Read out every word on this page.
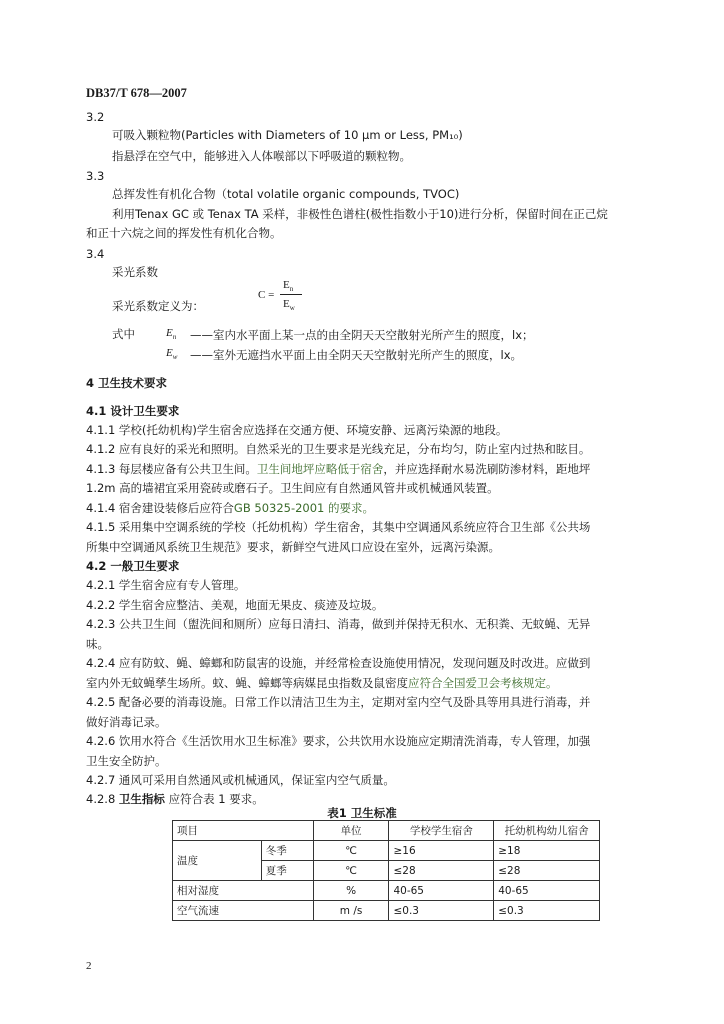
DB37/T 678—2007
3.2
可吸入颗粒物(Particles with Diameters of 10 μm or Less, PM₁₀)
指悬浮在空气中，能够进入人体喉部以下呼吸道的颗粒物。
3.3
总挥发性有机化合物（total volatile organic compounds, TVOC)
利用Tenax GC 或 Tenax TA 采样，非极性色谱柱(极性指数小于10)进行分析，保留时间在正己烷
和正十六烷之间的挥发性有机化合物。
3.4
采光系数
采光系数定义为：
C =
$E_n$
$E_w$
式中	$E_n$ ——室内水平面上某一点的由全阴天天空散射光所产生的照度，lx；
$E_w$ ——室外无遮挡水平面上由全阴天天空散射光所产生的照度，lx。
4 卫生技术要求
4.1 设计卫生要求
4.1.1 学校(托幼机构)学生宿舍应选择在交通方便、环境安静、远离污染源的地段。
4.1.2 应有良好的采光和照明。自然采光的卫生要求是光线充足，分布均匀，防止室内过热和眩目。
4.1.3 每层楼应备有公共卫生间。卫生间地坪应略低于宿舍，并应选择耐水易洗刷防渗材料，距地坪
1.2m 高的墙裙宜采用瓷砖或磨石子。卫生间应有自然通风管井或机械通风装置。
4.1.4 宿舍建设装修后应符合GB 50325-2001 的要求。
4.1.5 采用集中空调系统的学校（托幼机构）学生宿舍，其集中空调通风系统应符合卫生部《公共场
所集中空调通风系统卫生规范》要求，新鲜空气进风口应设在室外，远离污染源。
4.2 一般卫生要求
4.2.1 学生宿舍应有专人管理。
4.2.2 学生宿舍应整洁、美观，地面无果皮、痰迹及垃圾。
4.2.3 公共卫生间（盥洗间和厕所）应每日清扫、消毒，做到并保持无积水、无积粪、无蚊蝇、无异
味。
4.2.4 应有防蚊、蝇、蟑螂和防鼠害的设施，并经常检查设施使用情况，发现问题及时改进。应做到
室内外无蚊蝇孳生场所。蚊、蝇、蟑螂等病媒昆虫指数及鼠密度应符合全国爱卫会考核规定。
4.2.5 配备必要的消毒设施。日常工作以清洁卫生为主，定期对室内空气及卧具等用具进行消毒，并
做好消毒记录。
4.2.6 饮用水符合《生活饮用水卫生标准》要求，公共饮用水设施应定期清洗消毒，专人管理，加强
卫生安全防护。
4.2.7 通风可采用自然通风或机械通风，保证室内空气质量。
4.2.8 卫生指标 应符合表 1 要求。
表1 卫生标准
项目		单位	学校学生宿舍	托幼机构幼儿宿舍
温度	冬季	℃	≥16	≥18
	夏季	℃	≤28	≤28
相对湿度		%	40-65	40-65
空气流速		m /s	≤0.3	≤0.3
2
